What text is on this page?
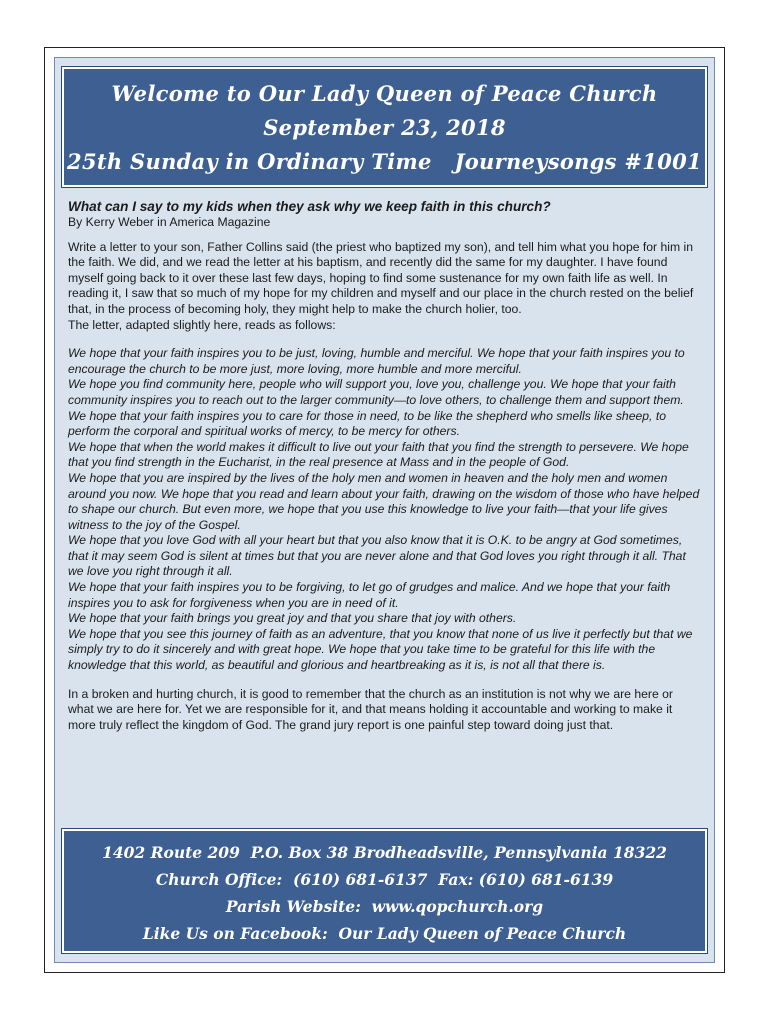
Welcome to Our Lady Queen of Peace Church
September 23, 2018
25th Sunday in Ordinary Time   Journeysongs #1001

What can I say to my kids when they ask why we keep faith in this church?

By Kerry Weber in America Magazine

Write a letter to your son, Father Collins said (the priest who baptized my son), and tell him what you hope for him in the faith. We did, and we read the letter at his baptism, and recently did the same for my daughter. I have found myself going back to it over these last few days, hoping to find some sustenance for my own faith life as well. In reading it, I saw that so much of my hope for my children and myself and our place in the church rested on the belief that, in the process of becoming holy, they might help to make the church holier, too.

The letter, adapted slightly here, reads as follows:

We hope that your faith inspires you to be just, loving, humble and merciful. We hope that your faith inspires you to encourage the church to be more just, more loving, more humble and more merciful.

We hope you find community here, people who will support you, love you, challenge you. We hope that your faith community inspires you to reach out to the larger community—to love others, to challenge them and support them. We hope that your faith inspires you to care for those in need, to be like the shepherd who smells like sheep, to perform the corporal and spiritual works of mercy, to be mercy for others.

We hope that when the world makes it difficult to live out your faith that you find the strength to persevere. We hope that you find strength in the Eucharist, in the real presence at Mass and in the people of God.

We hope that you are inspired by the lives of the holy men and women in heaven and the holy men and women around you now. We hope that you read and learn about your faith, drawing on the wisdom of those who have helped to shape our church. But even more, we hope that you use this knowledge to live your faith—that your life gives witness to the joy of the Gospel.

We hope that you love God with all your heart but that you also know that it is O.K. to be angry at God sometimes, that it may seem God is silent at times but that you are never alone and that God loves you right through it all. That we love you right through it all.

We hope that your faith inspires you to be forgiving, to let go of grudges and malice. And we hope that your faith inspires you to ask for forgiveness when you are in need of it.

We hope that your faith brings you great joy and that you share that joy with others.

We hope that you see this journey of faith as an adventure, that you know that none of us live it perfectly but that we simply try to do it sincerely and with great hope. We hope that you take time to be grateful for this life with the knowledge that this world, as beautiful and glorious and heartbreaking as it is, is not all that there is.

In a broken and hurting church, it is good to remember that the church as an institution is not why we are here or what we are here for. Yet we are responsible for it, and that means holding it accountable and working to make it more truly reflect the kingdom of God. The grand jury report is one painful step toward doing just that.

1402 Route 209  P.O. Box 38 Brodheadsville, Pennsylvania 18322
Church Office:  (610) 681-6137  Fax: (610) 681-6139
Parish Website:  www.qopchurch.org
Like Us on Facebook:  Our Lady Queen of Peace Church
